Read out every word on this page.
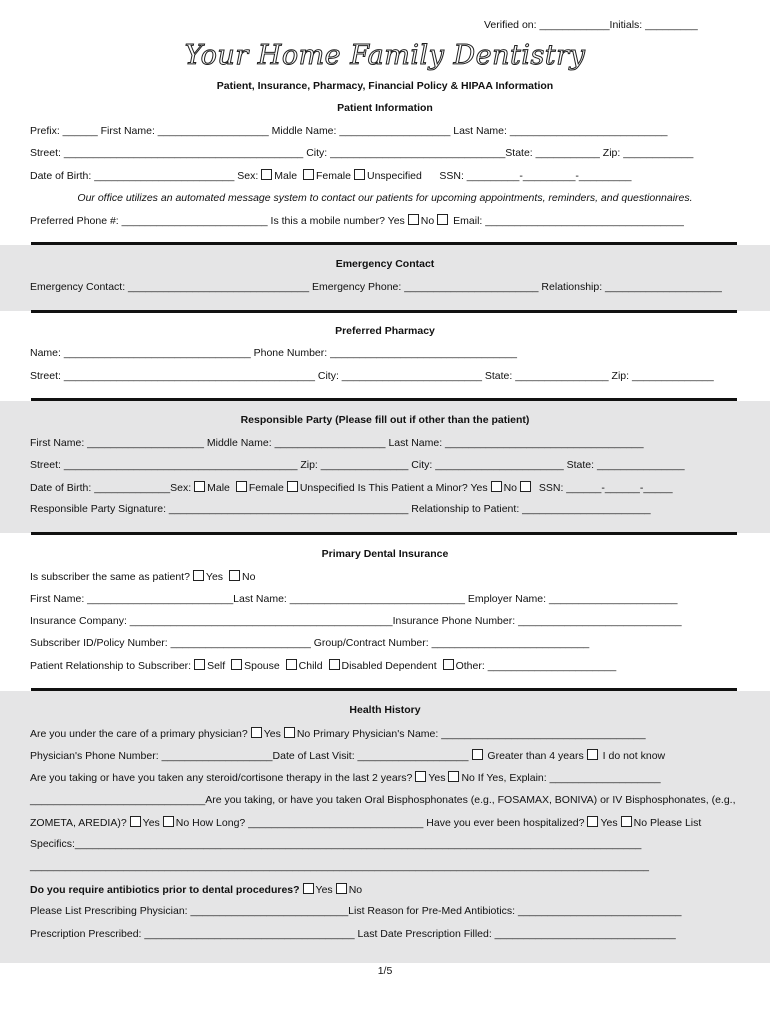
Verified on: ____________Initials: _________
Your Home Family Dentistry
Patient, Insurance, Pharmacy, Financial Policy & HIPAA Information
Patient Information
Prefix: ______ First Name: ___________________ Middle Name: ___________________ Last Name: ___________________________
Street: _________________________________________ City: ______________________________State: ___________ Zip: ____________
Date of Birth: ________________________ Sex: Male Female Unspecified SSN: _________-_________-_________
Our office utilizes an automated message system to contact our patients for upcoming appointments, reminders, and questionnaires.
Preferred Phone #: _________________________ Is this a mobile number? Yes No Email: __________________________________
Emergency Contact
Emergency Contact: _______________________________ Emergency Phone: _______________________ Relationship: ____________________
Preferred Pharmacy
Name: ________________________________ Phone Number: ________________________________
Street: ___________________________________________ City: ________________________ State: ________________ Zip: ______________
Responsible Party (Please fill out if other than the patient)
First Name: ____________________ Middle Name: ___________________ Last Name: __________________________________
Street: ________________________________________ Zip: _______________ City: ______________________ State: _______________
Date of Birth: _____________Sex: Male Female Unspecified Is This Patient a Minor? Yes No SSN: ______-______-_____
Responsible Party Signature: _________________________________________ Relationship to Patient: ______________________
Primary Dental Insurance
Is subscriber the same as patient? Yes No
First Name: _________________________Last Name: ______________________________ Employer Name: ______________________
Insurance Company: _____________________________________________Insurance Phone Number: ____________________________
Subscriber ID/Policy Number: ________________________ Group/Contract Number: ___________________________
Patient Relationship to Subscriber: Self Spouse Child Disabled Dependent Other: ______________________
Health History
Are you under the care of a primary physician? Yes No Primary Physician's Name: ___________________________________
Physician's Phone Number: ___________________Date of Last Visit: ___________________ Greater than 4 years I do not know
Are you taking or have you taken any steroid/cortisone therapy in the last 2 years? Yes No If Yes, Explain: ___________________
______________________________Are you taking, or have you taken Oral Bisphosphonates (e.g., FOSAMAX, BONIVA) or IV Bisphosphonates, (e.g.,
ZOMETA, AREDIA)? Yes No How Long? ______________________________ Have you ever been hospitalized? Yes No Please List
Specifics:_________________________________________________________________________________________________
__________________________________________________________________________________________________________
Do you require antibiotics prior to dental procedures? Yes No
Please List Prescribing Physician: ___________________________List Reason for Pre-Med Antibiotics: ____________________________
Prescription Prescribed: ____________________________________ Last Date Prescription Filled: _______________________________
1/5
